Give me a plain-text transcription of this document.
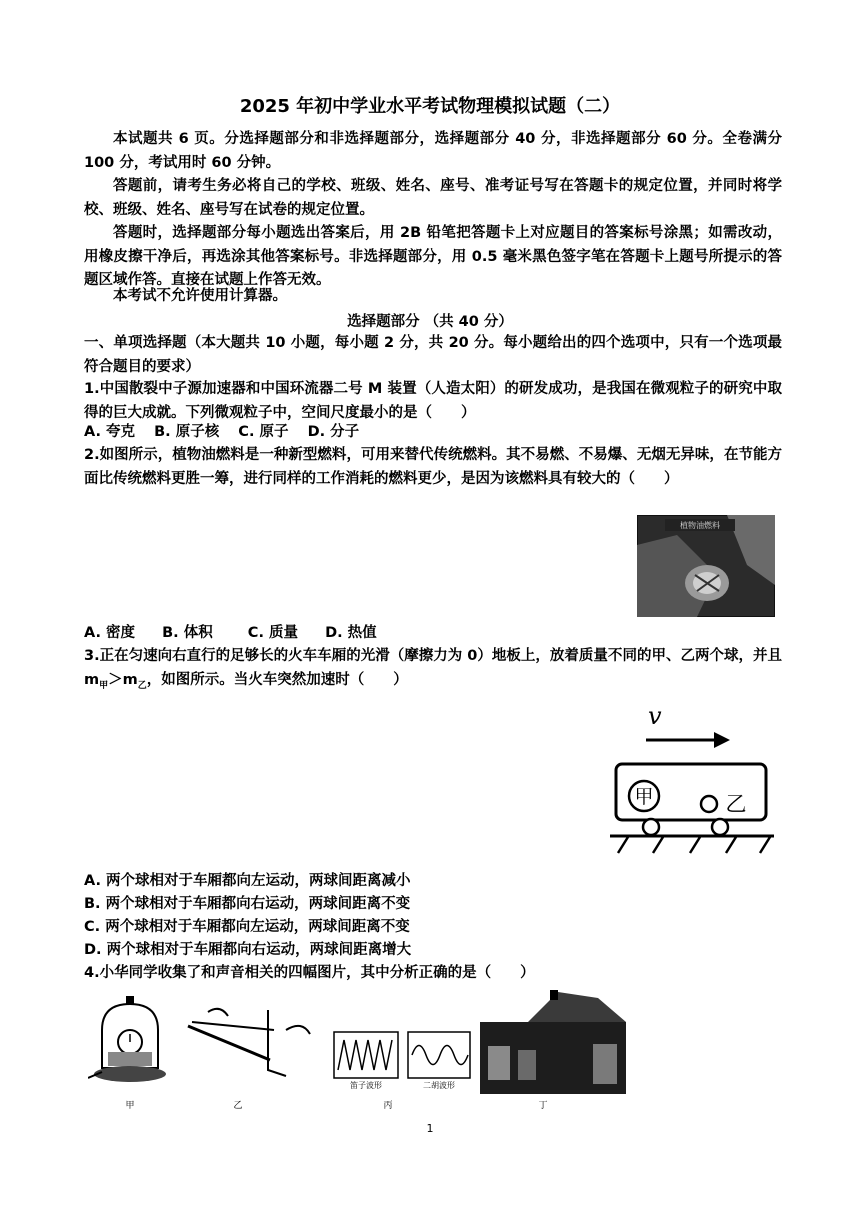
2025 年初中学业水平考试物理模拟试题（二）

本试题共 6 页。分选择题部分和非选择题部分，选择题部分 40 分，非选择题部分 60 分。全卷满分 100 分，考试用时 60 分钟。

答题前，请考生务必将自己的学校、班级、姓名、座号、准考证号写在答题卡的规定位置，并同时将学校、班级、姓名、座号写在试卷的规定位置。

答题时，选择题部分每小题选出答案后，用 2B 铅笔把答题卡上对应题目的答案标号涂黑；如需改动，用橡皮擦干净后，再选涂其他答案标号。非选择题部分，用 0.5 毫米黑色签字笔在答题卡上题号所提示的答题区域作答。直接在试题上作答无效。

本考试不允许使用计算器。

选择题部分 （共 40 分）

一、单项选择题（本大题共 10 小题，每小题 2 分，共 20 分。每小题给出的四个选项中，只有一个选项最符合题目的要求）

1.中国散裂中子源加速器和中国环流器二号 M 装置（人造太阳）的研发成功，是我国在微观粒子的研究中取得的巨大成就。下列微观粒子中，空间尺度最小的是（　　）

A. 夸克 B. 原子核 C. 原子 D. 分子

2.如图所示，植物油燃料是一种新型燃料，可用来替代传统燃料。其不易燃、不易爆、无烟无异味，在节能方面比传统燃料更胜一筹，进行同样的工作消耗的燃料更少，是因为该燃料具有较大的（　　）

植物油燃料
A. 密度 B. 体积 C. 质量 D. 热值

3.正在匀速向右直行的足够长的火车车厢的光滑（摩擦力为 0）地板上，放着质量不同的甲、乙两个球，并且 $m_甲>m_乙$，如图所示。当火车突然加速时（　　）

v
甲	乙
A. 两个球相对于车厢都向左运动，两球间距离减小
B. 两个球相对于车厢都向右运动，两球间距离不变
C. 两个球相对于车厢都向左运动，两球间距离不变
D. 两个球相对于车厢都向右运动，两球间距离增大
4.小华同学收集了和声音相关的四幅图片，其中分析正确的是（　　）
甲	乙
笛子波形	二胡波形
丙	丁
1
